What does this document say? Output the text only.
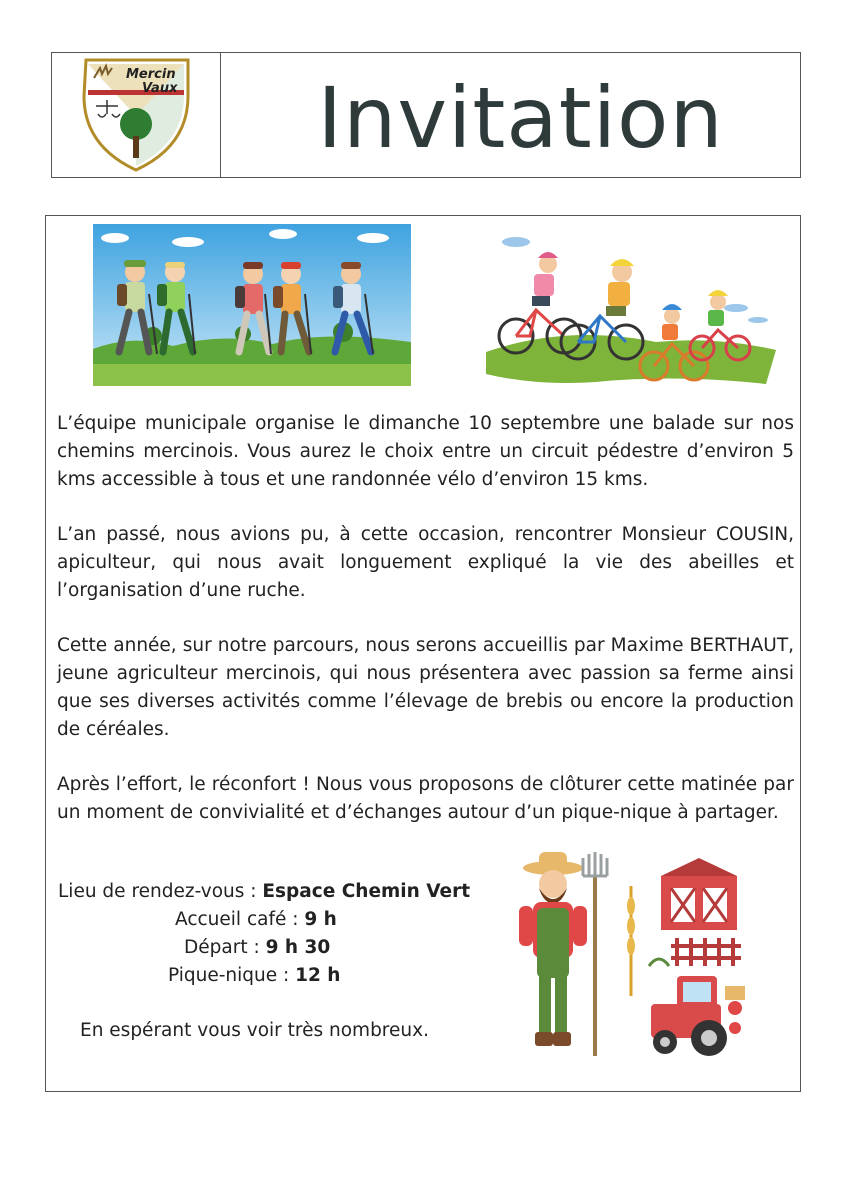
Mercin
Vaux Invitation

L’équipe municipale organise le dimanche 10 septembre une balade sur nos chemins mercinois. Vous aurez le choix entre un circuit pédestre d’environ 5 kms accessible à tous et une randonnée vélo d’environ 15 kms.

L’an passé, nous avions pu, à cette occasion, rencontrer Monsieur COUSIN, apiculteur, qui nous avait longuement expliqué la vie des abeilles et l’organisation d’une ruche.

Cette année, sur notre parcours, nous serons accueillis par Maxime BERTHAUT, jeune agriculteur mercinois, qui nous présentera avec passion sa ferme ainsi que ses diverses activités comme l’élevage de brebis ou encore la production de céréales.

Après l’effort, le réconfort ! Nous vous proposons de clôturer cette matinée par un moment de convivialité et d’échanges autour d’un pique-nique à partager.

Lieu de rendez-vous : Espace Chemin Vert
Accueil café : 9 h
Départ : 9 h 30
Pique-nique : 12 h
En espérant vous voir très nombreux.
